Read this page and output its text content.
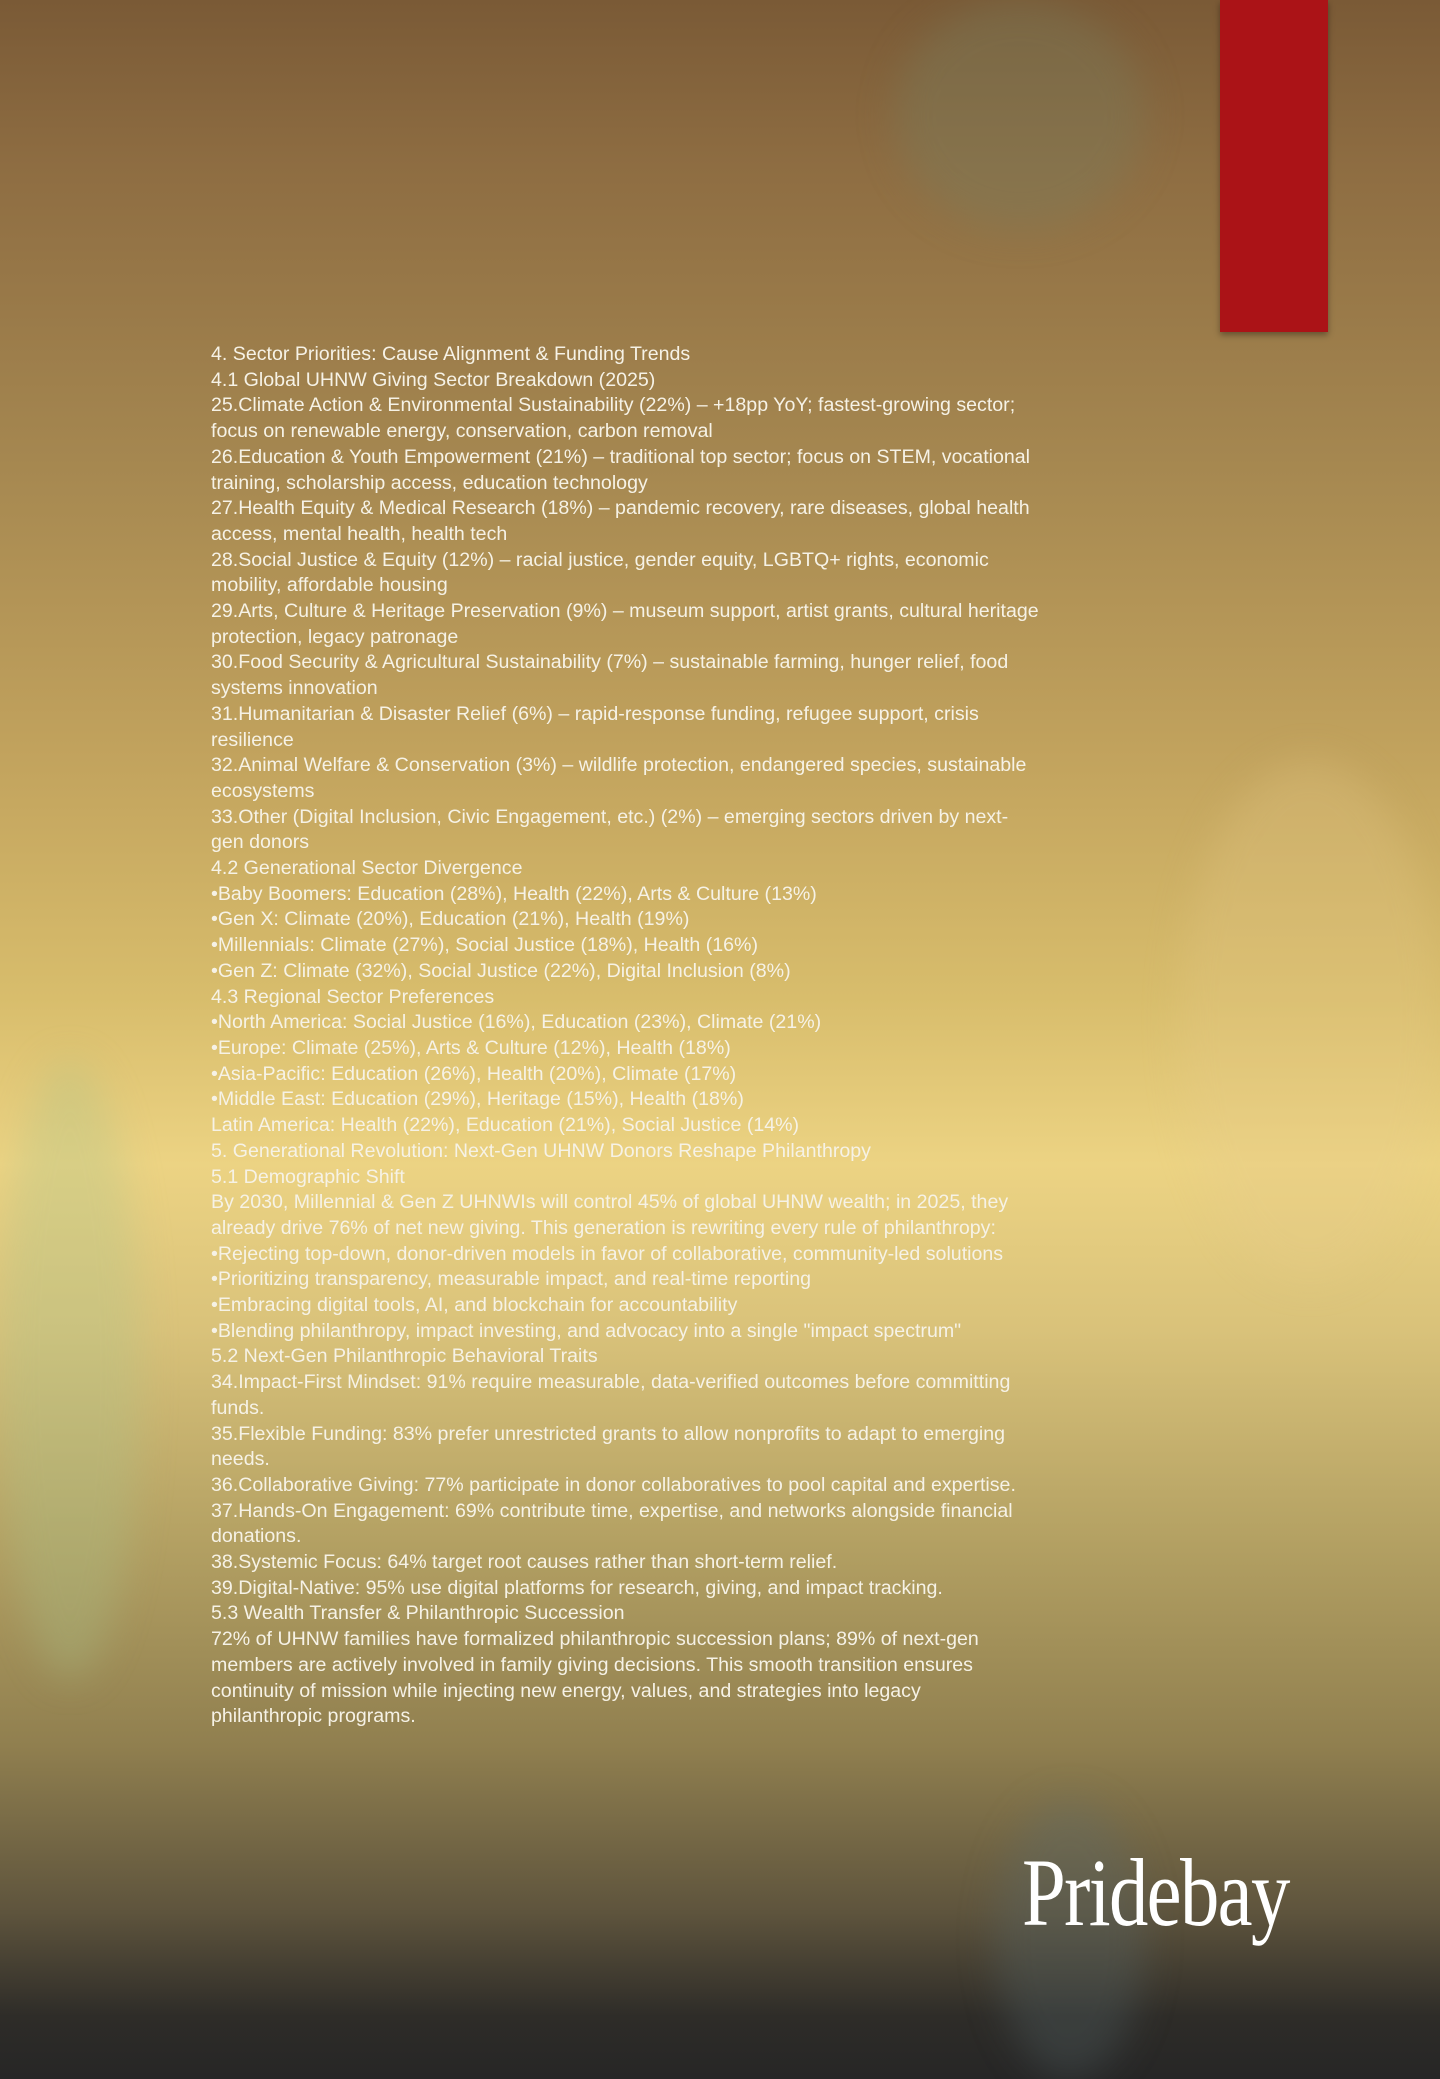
4. Sector Priorities: Cause Alignment & Funding Trends

4.1 Global UHNW Giving Sector Breakdown (2025)

25.Climate Action & Environmental Sustainability (22%) – +18pp YoY; fastest-growing sector;

focus on renewable energy, conservation, carbon removal

26.Education & Youth Empowerment (21%) – traditional top sector; focus on STEM, vocational

training, scholarship access, education technology

27.Health Equity & Medical Research (18%) – pandemic recovery, rare diseases, global health

access, mental health, health tech

28.Social Justice & Equity (12%) – racial justice, gender equity, LGBTQ+ rights, economic

mobility, affordable housing

29.Arts, Culture & Heritage Preservation (9%) – museum support, artist grants, cultural heritage

protection, legacy patronage

30.Food Security & Agricultural Sustainability (7%) – sustainable farming, hunger relief, food

systems innovation

31.Humanitarian & Disaster Relief (6%) – rapid-response funding, refugee support, crisis

resilience

32.Animal Welfare & Conservation (3%) – wildlife protection, endangered species, sustainable

ecosystems

33.Other (Digital Inclusion, Civic Engagement, etc.) (2%) – emerging sectors driven by next-

gen donors

4.2 Generational Sector Divergence

•Baby Boomers: Education (28%), Health (22%), Arts & Culture (13%)

•Gen X: Climate (20%), Education (21%), Health (19%)

•Millennials: Climate (27%), Social Justice (18%), Health (16%)

•Gen Z: Climate (32%), Social Justice (22%), Digital Inclusion (8%)

4.3 Regional Sector Preferences

•North America: Social Justice (16%), Education (23%), Climate (21%)

•Europe: Climate (25%), Arts & Culture (12%), Health (18%)

•Asia-Pacific: Education (26%), Health (20%), Climate (17%)

•Middle East: Education (29%), Heritage (15%), Health (18%)

Latin America: Health (22%), Education (21%), Social Justice (14%)

5. Generational Revolution: Next-Gen UHNW Donors Reshape Philanthropy

5.1 Demographic Shift

By 2030, Millennial & Gen Z UHNWIs will control 45% of global UHNW wealth; in 2025, they

already drive 76% of net new giving. This generation is rewriting every rule of philanthropy:

•Rejecting top-down, donor-driven models in favor of collaborative, community-led solutions

•Prioritizing transparency, measurable impact, and real-time reporting

•Embracing digital tools, AI, and blockchain for accountability

•Blending philanthropy, impact investing, and advocacy into a single "impact spectrum"

5.2 Next-Gen Philanthropic Behavioral Traits

34.Impact-First Mindset: 91% require measurable, data-verified outcomes before committing

funds.

35.Flexible Funding: 83% prefer unrestricted grants to allow nonprofits to adapt to emerging

needs.

36.Collaborative Giving: 77% participate in donor collaboratives to pool capital and expertise.

37.Hands-On Engagement: 69% contribute time, expertise, and networks alongside financial

donations.

38.Systemic Focus: 64% target root causes rather than short-term relief.

39.Digital-Native: 95% use digital platforms for research, giving, and impact tracking.

5.3 Wealth Transfer & Philanthropic Succession

72% of UHNW families have formalized philanthropic succession plans; 89% of next-gen

members are actively involved in family giving decisions. This smooth transition ensures

continuity of mission while injecting new energy, values, and strategies into legacy

philanthropic programs.

Pridebay
